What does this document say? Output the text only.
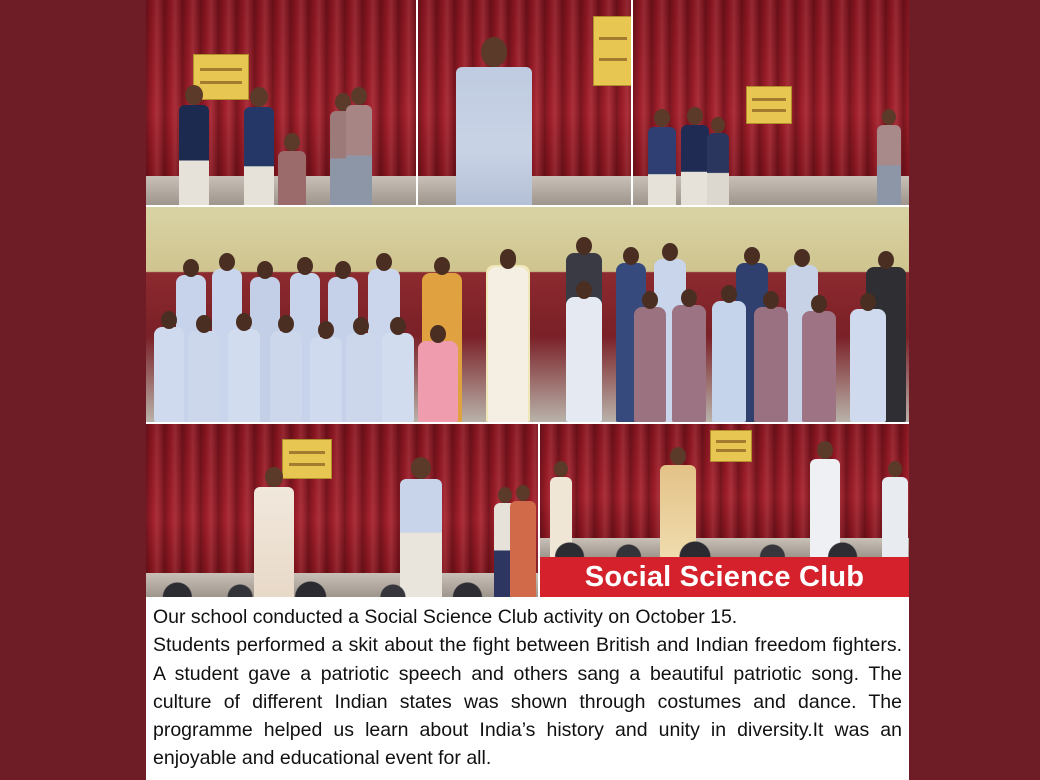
Social Science Club

Our school conducted a Social Science Club activity on October 15.
Students performed a skit about the fight between British and Indian freedom fighters. A student gave a patriotic speech and others sang a beautiful patriotic song. The culture of different Indian states was shown through costumes and dance. The programme helped us learn about India’s history and unity in diversity.It was an enjoyable and educational event for all.
